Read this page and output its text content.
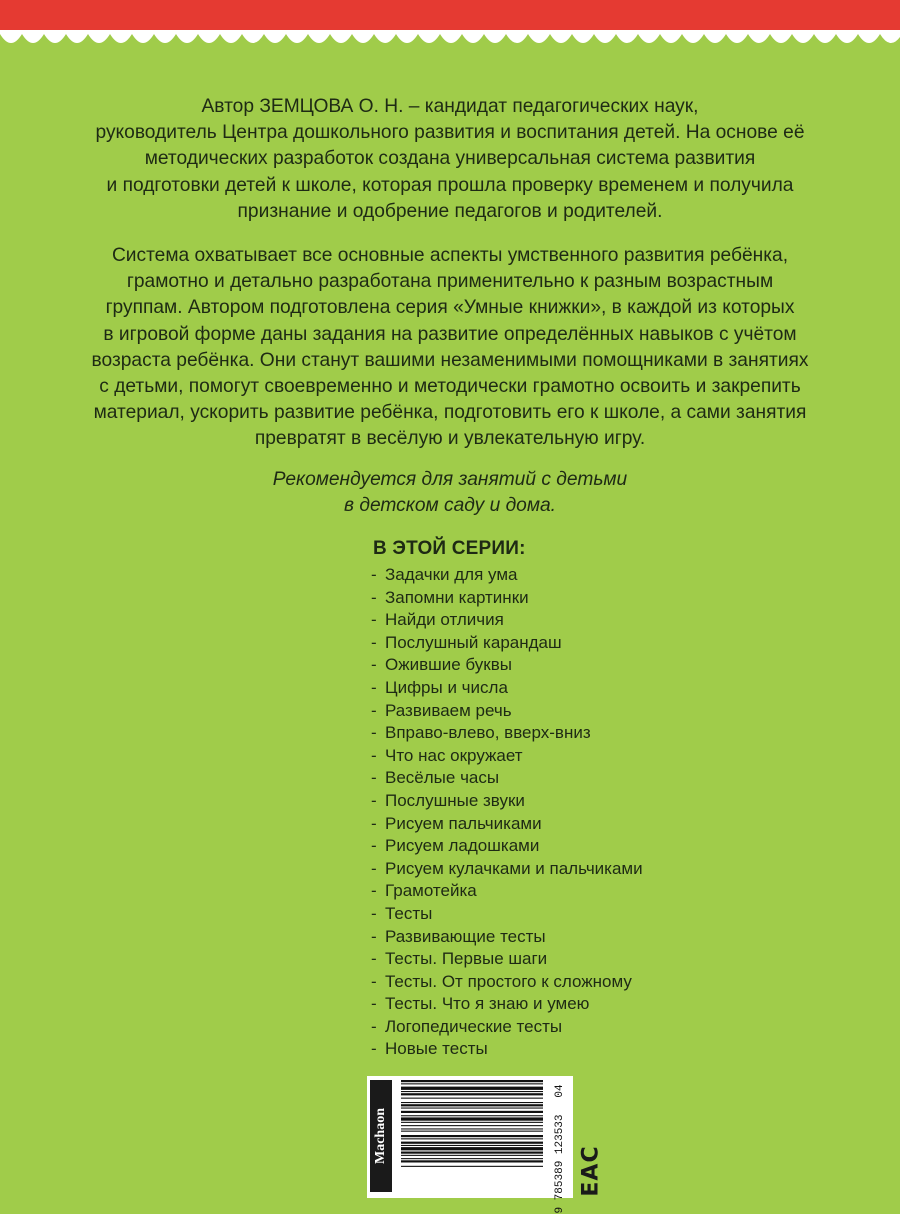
Автор ЗЕМЦОВА О. Н. – кандидат педагогических наук,
руководитель Центра дошкольного развития и воспитания детей. На основе её
методических разработок создана универсальная система развития
и подготовки детей к школе, которая прошла проверку временем и получила
признание и одобрение педагогов и родителей.
Система охватывает все основные аспекты умственного развития ребёнка,
грамотно и детально разработана применительно к разным возрастным
группам. Автором подготовлена серия «Умные книжки», в каждой из которых
в игровой форме даны задания на развитие определённых навыков с учётом
возраста ребёнка. Они станут вашими незаменимыми помощниками в занятиях
с детьми, помогут своевременно и методически грамотно освоить и закрепить
материал, ускорить развитие ребёнка, подготовить его к школе, а сами занятия
превратят в весёлую и увлекательную игру.
Рекомендуется для занятий с детьми
в детском саду и дома.
В ЭТОЙ СЕРИИ:
- Задачки для ума
- Запомни картинки
- Найди отличия
- Послушный карандаш
- Ожившие буквы
- Цифры и числа
- Развиваем речь
- Вправо-влево, вверх-вниз
- Что нас окружает
- Весёлые часы
- Послушные звуки
- Рисуем пальчиками
- Рисуем ладошками
- Рисуем кулачками и пальчиками
- Грамотейка
- Тесты
- Развивающие тесты
- Тесты. Первые шаги
- Тесты. От простого к сложному
- Тесты. Что я знаю и умею
- Логопедические тесты
- Новые тесты
Machaon
04
9 785389 123533 EAC
